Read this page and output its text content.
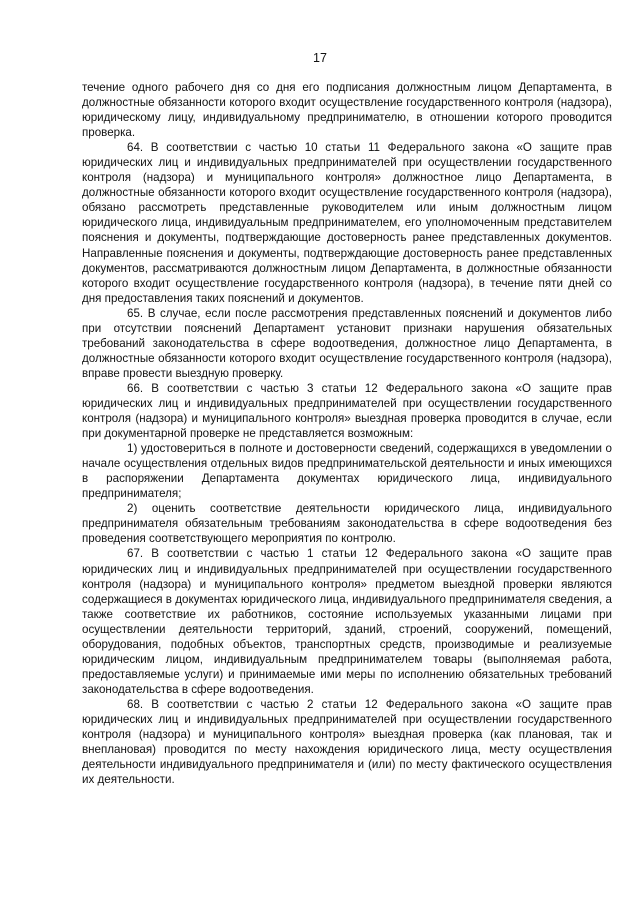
17

течение одного рабочего дня со дня его подписания должностным лицом Департамента, в должностные обязанности которого входит осуществление государственного контроля (надзора), юридическому лицу, индивидуальному предпринимателю, в отношении которого проводится проверка.

64. В соответствии с частью 10 статьи 11 Федерального закона «О защите прав юридических лиц и индивидуальных предпринимателей при осуществлении государственного контроля (надзора) и муниципального контроля» должностное лицо Департамента, в должностные обязанности которого входит осуществление государственного контроля (надзора), обязано рассмотреть представленные руководителем или иным должностным лицом юридического лица, индивидуальным предпринимателем, его уполномоченным представителем пояснения и документы, подтверждающие достоверность ранее представленных документов. Направленные пояснения и документы, подтверждающие достоверность ранее представленных документов, рассматриваются должностным лицом Департамента, в должностные обязанности которого входит осуществление государственного контроля (надзора), в течение пяти дней со дня предоставления таких пояснений и документов.

65. В случае, если после рассмотрения представленных пояснений и документов либо при отсутствии пояснений Департамент установит признаки нарушения обязательных требований законодательства в сфере водоотведения, должностное лицо Департамента, в должностные обязанности которого входит осуществление государственного контроля (надзора), вправе провести выездную проверку.

66. В соответствии с частью 3 статьи 12 Федерального закона «О защите прав юридических лиц и индивидуальных предпринимателей при осуществлении государственного контроля (надзора) и муниципального контроля» выездная проверка проводится в случае, если при документарной проверке не представляется возможным:

1) удостовериться в полноте и достоверности сведений, содержащихся в уведомлении о начале осуществления отдельных видов предпринимательской деятельности и иных имеющихся в распоряжении Департамента документах юридического лица, индивидуального предпринимателя;

2) оценить соответствие деятельности юридического лица, индивидуального предпринимателя обязательным требованиям законодательства в сфере водоотведения без проведения соответствующего мероприятия по контролю.

67. В соответствии с частью 1 статьи 12 Федерального закона «О защите прав юридических лиц и индивидуальных предпринимателей при осуществлении государственного контроля (надзора) и муниципального контроля» предметом выездной проверки являются содержащиеся в документах юридического лица, индивидуального предпринимателя сведения, а также соответствие их работников, состояние используемых указанными лицами при осуществлении деятельности территорий, зданий, строений, сооружений, помещений, оборудования, подобных объектов, транспортных средств, производимые и реализуемые юридическим лицом, индивидуальным предпринимателем товары (выполняемая работа, предоставляемые услуги) и принимаемые ими меры по исполнению обязательных требований законодательства в сфере водоотведения.

68. В соответствии с частью 2 статьи 12 Федерального закона «О защите прав юридических лиц и индивидуальных предпринимателей при осуществлении государственного контроля (надзора) и муниципального контроля» выездная проверка (как плановая, так и внеплановая) проводится по месту нахождения юридического лица, месту осуществления деятельности индивидуального предпринимателя и (или) по месту фактического осуществления их деятельности.
